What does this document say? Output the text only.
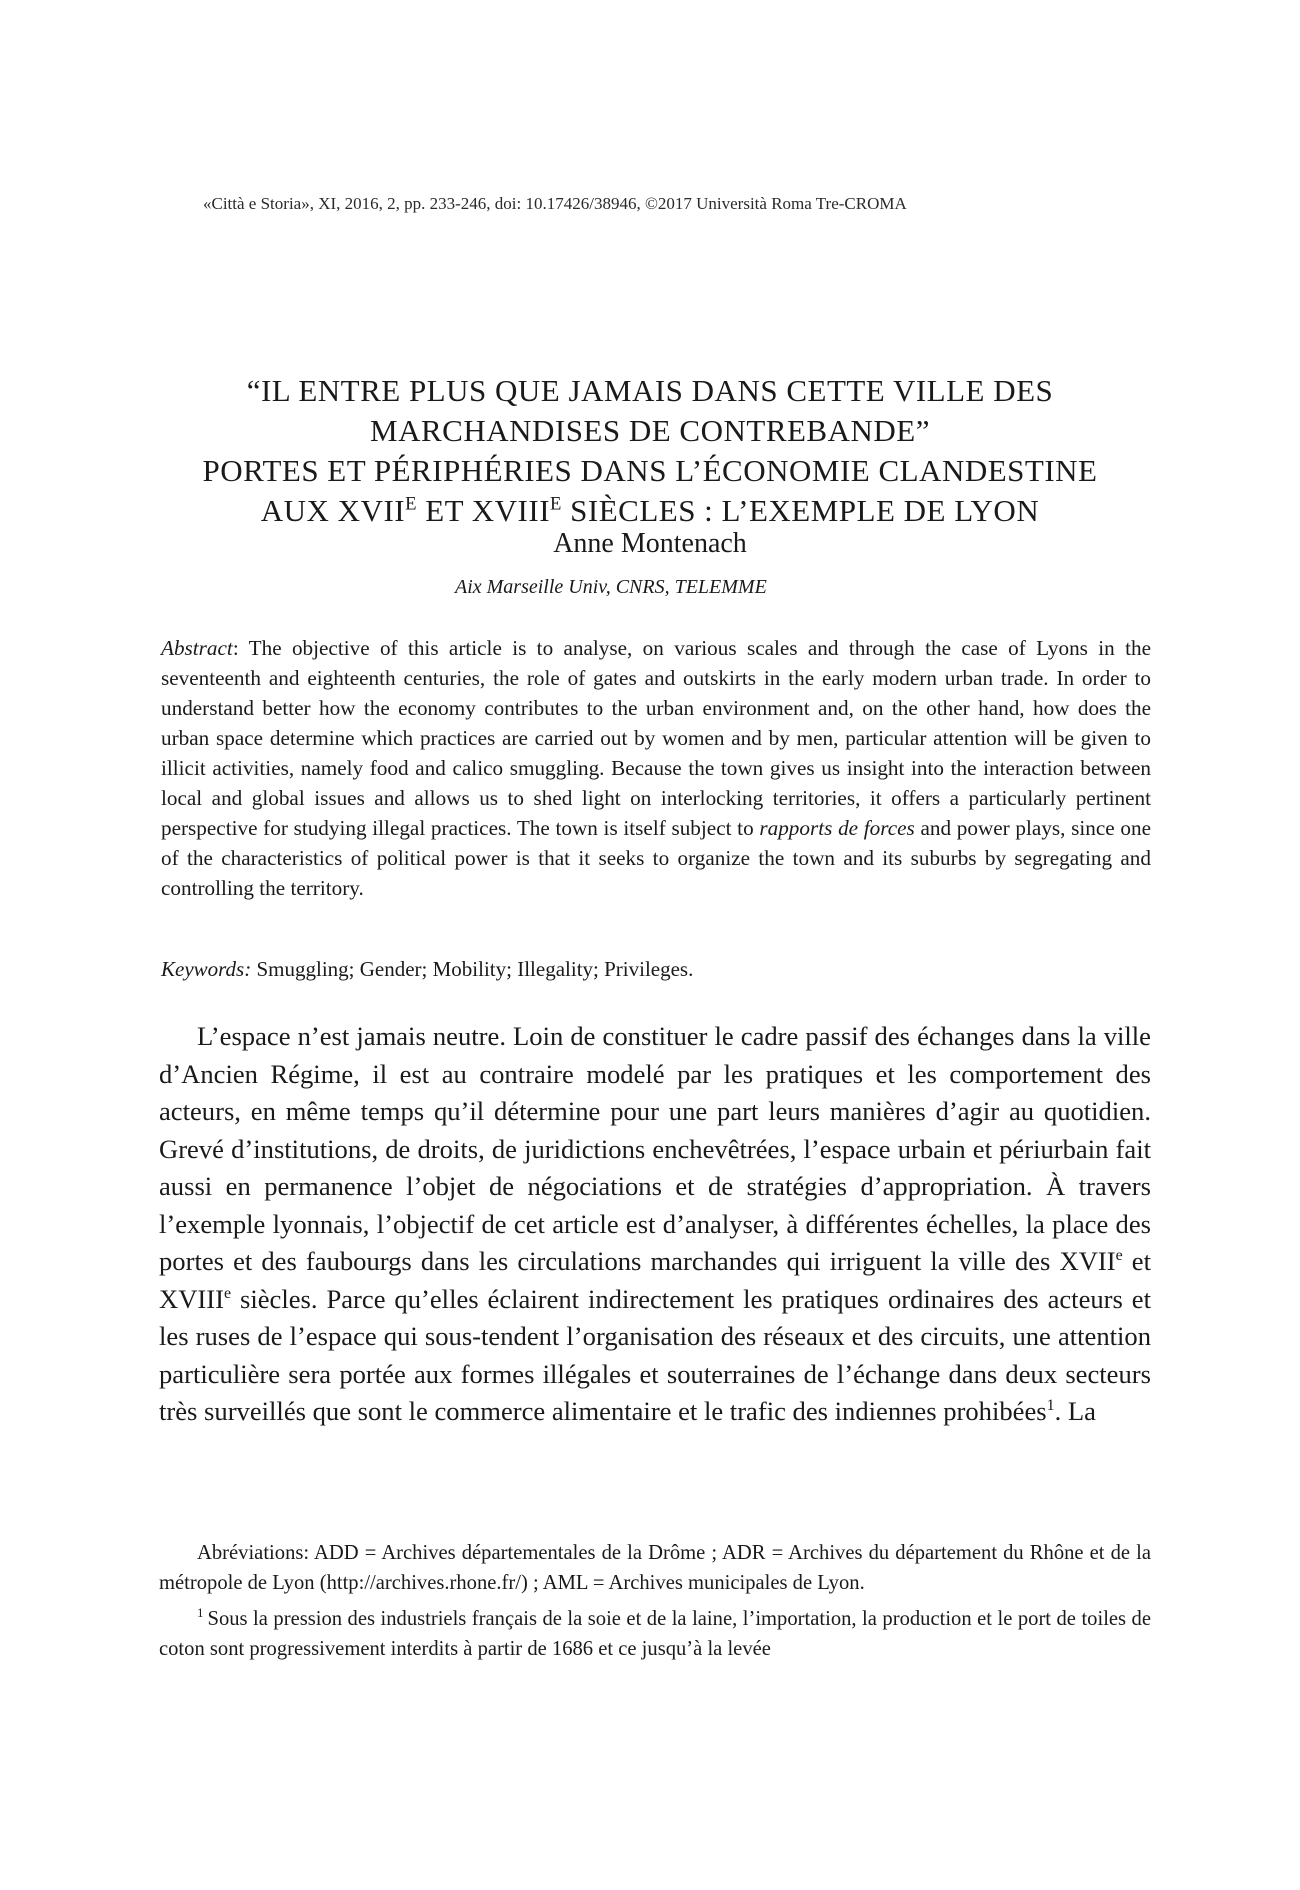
«Città e Storia», XI, 2016, 2, pp. 233-246, doi: 10.17426/38946, ©2017 Università Roma Tre-CROMA
“IL ENTRE PLUS QUE JAMAIS DANS CETTE VILLE DES
MARCHANDISES DE CONTREBANDE”
PORTES ET PÉRIPHÉRIES DANS L’ÉCONOMIE CLANDESTINE
AUX $XVII^E$ ET $XVIII^E$ SIÈCLES : L’EXEMPLE DE LYON
Anne Montenach
Aix Marseille Univ, CNRS, TELEMME

Abstract: The objective of this article is to analyse, on various scales and through the case of Lyons in the seventeenth and eighteenth centuries, the role of gates and outskirts in the early modern urban trade. In order to understand better how the economy contributes to the urban environment and, on the other hand, how does the urban space determine which practices are carried out by women and by men, particular attention will be given to illicit activities, namely food and calico smuggling. Because the town gives us insight into the interaction between local and global issues and allows us to shed light on interlocking territories, it offers a particularly pertinent perspective for studying illegal practices. The town is itself subject to rapports de forces and power plays, since one of the characteristics of political power is that it seeks to organize the town and its suburbs by segregating and controlling the territory.

Keywords: Smuggling; Gender; Mobility; Illegality; Privileges.

L’espace n’est jamais neutre. Loin de constituer le cadre passif des échanges dans la ville d’Ancien Régime, il est au contraire modelé par les pratiques et les comportement des acteurs, en même temps qu’il détermine pour une part leurs manières d’agir au quotidien. Grevé d’institutions, de droits, de juridictions enchevêtrées, l’espace urbain et périurbain fait aussi en permanence l’objet de négociations et de stratégies d’appropriation. À travers l’exemple lyonnais, l’objectif de cet article est d’analyser, à différentes échelles, la place des portes et des faubourgs dans les circulations marchandes qui irriguent la ville des XVIIe et XVIIIe siècles. Parce qu’elles éclairent indirectement les pratiques ordinaires des acteurs et les ruses de l’espace qui sous-tendent l’organisation des réseaux et des circuits, une attention particulière sera portée aux formes illégales et souterraines de l’échange dans deux secteurs très surveillés que sont le commerce alimentaire et le trafic des indiennes prohibées$^1$. La

Abréviations: ADD = Archives départementales de la Drôme ; ADR = Archives du département du Rhône et de la métropole de Lyon (http://archives.rhone.fr/) ; AML = Archives municipales de Lyon.

$^1$ Sous la pression des industriels français de la soie et de la laine, l’importation, la production et le port de toiles de coton sont progressivement interdits à partir de 1686 et ce jusqu’à la levée
